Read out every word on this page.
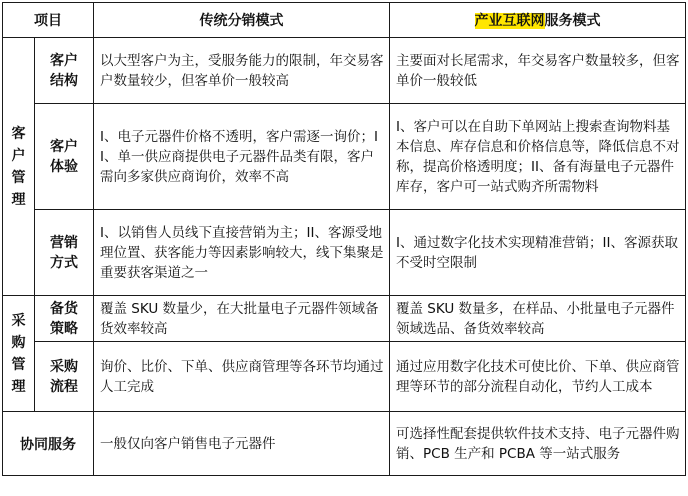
项目		传统分销模式	产业互联网服务模式
客户管理	客户结构	以大型客户为主，受服务能力的限制，年交易客户数量较少，但客单价一般较高	主要面对长尾需求，年交易客户数量较多，但客单价一般较低
	客户体验	I、电子元器件价格不透明，客户需逐一询价；II、单一供应商提供电子元器件品类有限，客户需向多家供应商询价，效率不高	I、客户可以在自助下单网站上搜索查询物料基本信息、库存信息和价格信息等，降低信息不对称，提高价格透明度；II、备有海量电子元器件库存，客户可一站式购齐所需物料
	营销方式	I、以销售人员线下直接营销为主；II、客源受地理位置、获客能力等因素影响较大，线下集聚是重要获客渠道之一	I、通过数字化技术实现精准营销；II、客源获取不受时空限制
采购管理	备货策略	覆盖 SKU 数量少，在大批量电子元器件领域备货效率较高	覆盖 SKU 数量多，在样品、小批量电子元器件领域选品、备货效率较高
	采购流程	询价、比价、下单、供应商管理等各环节均通过人工完成	通过应用数字化技术可使比价、下单、供应商管理等环节的部分流程自动化，节约人工成本
协同服务		一般仅向客户销售电子元器件	可选择性配套提供软件技术支持、电子元器件购销、PCB 生产和 PCBA 等一站式服务
